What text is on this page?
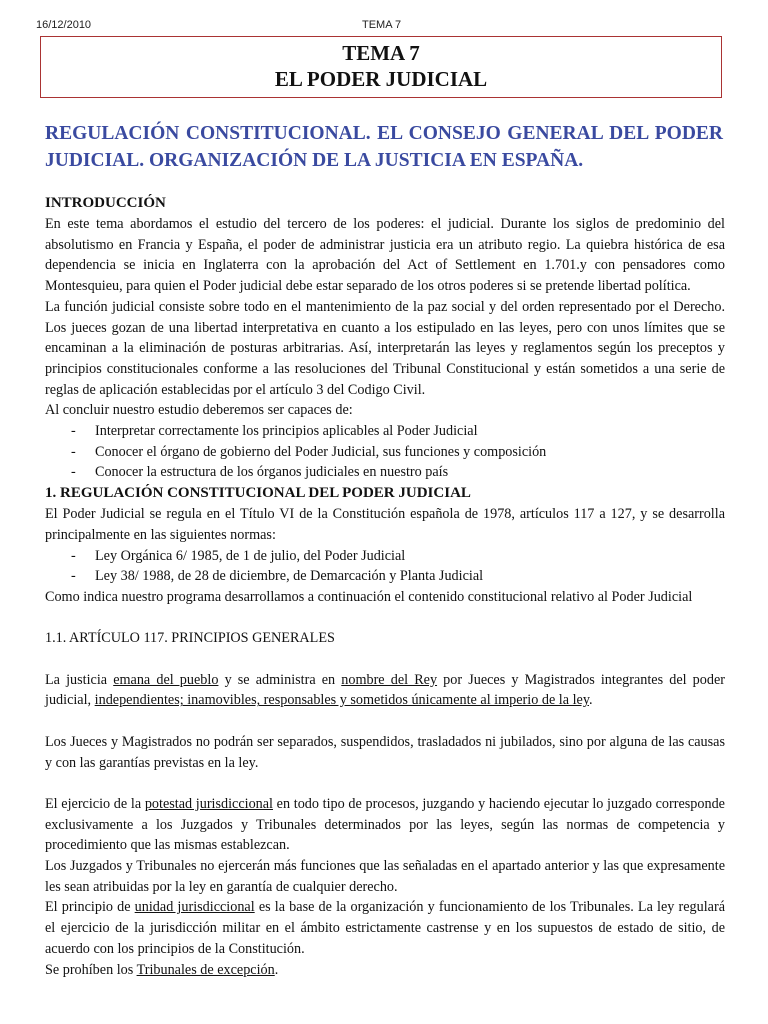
16/12/2010	TEMA 7
TEMA 7
EL PODER JUDICIAL
REGULACIÓN CONSTITUCIONAL. EL CONSEJO GENERAL DEL PODER JUDICIAL. ORGANIZACIÓN DE LA JUSTICIA EN ESPAÑA.
INTRODUCCIÓN

En este tema abordamos el estudio del tercero de los poderes: el judicial. Durante los siglos de predominio del absolutismo en Francia y España, el poder de administrar justicia era un atributo regio. La quiebra histórica de esa dependencia se inicia en Inglaterra con la aprobación del Act of Settlement en 1.701.y con pensadores como Montesquieu, para quien el Poder judicial debe estar separado de los otros poderes si se pretende libertad política.

La función judicial consiste sobre todo en el mantenimiento de la paz social y del orden representado por el Derecho. Los jueces gozan de una libertad interpretativa en cuanto a los estipulado en las leyes, pero con unos límites que se encaminan a la eliminación de posturas arbitrarias. Así, interpretarán las leyes y reglamentos según los preceptos y principios constitucionales conforme a las resoluciones del Tribunal Constitucional y están sometidos a una serie de reglas de aplicación establecidas por el artículo 3 del Codigo Civil.

Al concluir nuestro estudio deberemos ser capaces de:

- Interpretar correctamente los principios aplicables al Poder Judicial
- Conocer el órgano de gobierno del Poder Judicial, sus funciones y composición
- Conocer la estructura de los órganos judiciales en nuestro país
1. REGULACIÓN CONSTITUCIONAL DEL PODER JUDICIAL

El Poder Judicial se regula en el Título VI de la Constitución española de 1978, artículos 117 a 127, y se desarrolla principalmente en las siguientes normas:

- Ley Orgánica 6/ 1985, de 1 de julio, del Poder Judicial
- Ley 38/ 1988, de 28 de diciembre, de Demarcación y Planta Judicial

Como indica nuestro programa desarrollamos a continuación el contenido constitucional relativo al Poder Judicial

1.1. ARTÍCULO 117. PRINCIPIOS GENERALES

La justicia emana del pueblo y se administra en nombre del Rey por Jueces y Magistrados integrantes del poder judicial, independientes; inamovibles, responsables y sometidos únicamente al imperio de la ley.

Los Jueces y Magistrados no podrán ser separados, suspendidos, trasladados ni jubilados, sino por alguna de las causas y con las garantías previstas en la ley.

El ejercicio de la potestad jurisdiccional en todo tipo de procesos, juzgando y haciendo ejecutar lo juzgado corresponde exclusivamente a los Juzgados y Tribunales determinados por las leyes, según las normas de competencia y procedimiento que las mismas establezcan.

Los Juzgados y Tribunales no ejercerán más funciones que las señaladas en el apartado anterior y las que expresamente les sean atribuidas por la ley en garantía de cualquier derecho.

El principio de unidad jurisdiccional es la base de la organización y funcionamiento de los Tribunales. La ley regulará el ejercicio de la jurisdicción militar en el ámbito estrictamente castrense y en los supuestos de estado de sitio, de acuerdo con los principios de la Constitución.

Se prohíben los Tribunales de excepción.
